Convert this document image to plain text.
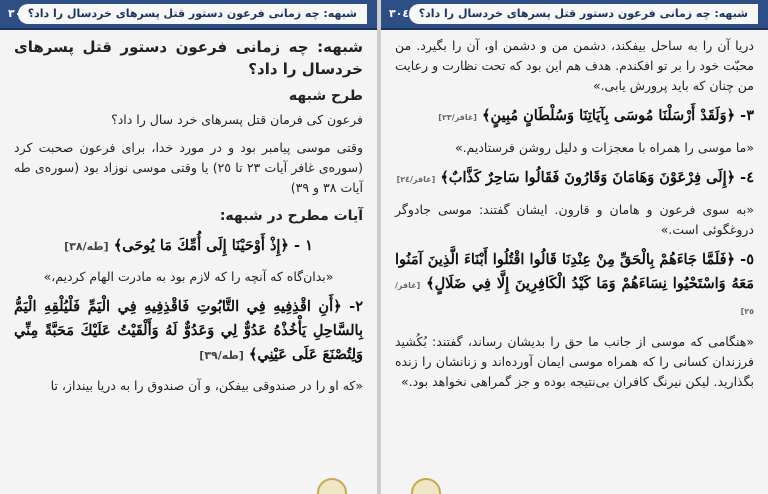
شبهه: چه زمانی فرعون دستور قتل پسرهای خردسال را داد؟
٣٠٤

دریا آن را به ساحل بیفکند، دشمن من و دشمن او، آن را بگیرد. من محبّت خود را بر تو افکندم. هدف هم این بود که تحت نظارت و رعایت من چنان که باید پرورش یابی.»

٣- ﴿وَلَقَدْ أَرْسَلْنَا مُوسَى بِآيَاتِنَا وَسُلْطَانٍ مُبِينٍ﴾ [غافر/٢٣]

«ما موسی را همراه با معجزات و دلیل روشن فرستادیم.»

٤- ﴿إِلَى فِرْعَوْنَ وَهَامَانَ وَقَارُونَ فَقَالُوا سَاحِرٌ كَذَّابٌ﴾ [غافر/٢٤]

«به سوی فرعون و هامان و قارون. ایشان گفتند: موسی جادوگر دروغگوئی است.»

٥- ﴿فَلَمَّا جَاءَهُمْ بِالْحَقِّ مِنْ عِنْدِنَا قَالُوا اقْتُلُوا أَبْنَاءَ الَّذِينَ آمَنُوا مَعَهُ وَاسْتَحْيُوا نِسَاءَهُمْ وَمَا كَيْدُ الْكَافِرِينَ إِلَّا فِي ضَلَالٍ﴾ [غافر/٢٥]

«هنگامی که موسی از جانب ما حق را بدیشان رساند، گفتند: بُکُشید فرزندان کسانی را که همراه موسی ایمان آورده‌اند و زنانشان را زنده بگذارید. لیکن نیرنگ کافران بی‌نتیجه بوده و جز گمراهی نخواهد بود.»

شبهه: چه زمانی فرعون دستور قتل پسرهای خردسال را داد؟
٣٠٥
شبهه: چه زمانی فرعون دستور قتل پسرهای خردسال را داد؟
طرح شبهه

فرعون کی فرمان قتل پسرهای خرد سال را داد؟

وقتی موسی پیامبر بود و در مورد خدا، برای فرعون صحبت کرد (سوره‌ی غافر آیات ٢٣ تا ٢٥) یا وقتی موسی نوزاد بود (سوره‌ی طه آیات ٣٨ و ٣٩)

آیات مطرح در شبهه:

١ - ﴿إِذْ أَوْحَيْنَا إِلَى أُمِّكَ مَا يُوحَى﴾ [طه/٣٨]

«بدان‌گاه که آنچه را که لازم بود به مادرت الهام کردیم،»

٢- ﴿أَنِ اقْذِفِيهِ فِي التَّابُوتِ فَاقْذِفِيهِ فِي الْيَمِّ فَلْيُلْقِهِ الْيَمُّ بِالسَّاحِلِ يَأْخُذْهُ عَدُوٌّ لِي وَعَدُوٌّ لَهُ وَأَلْقَيْتُ عَلَيْكَ مَحَبَّةً مِنِّي وَلِتُصْنَعَ عَلَى عَيْنِي﴾ [طه/٣٩]

«که او را در صندوقی بیفکن، و آن صندوق را به دریا بینداز، تا
